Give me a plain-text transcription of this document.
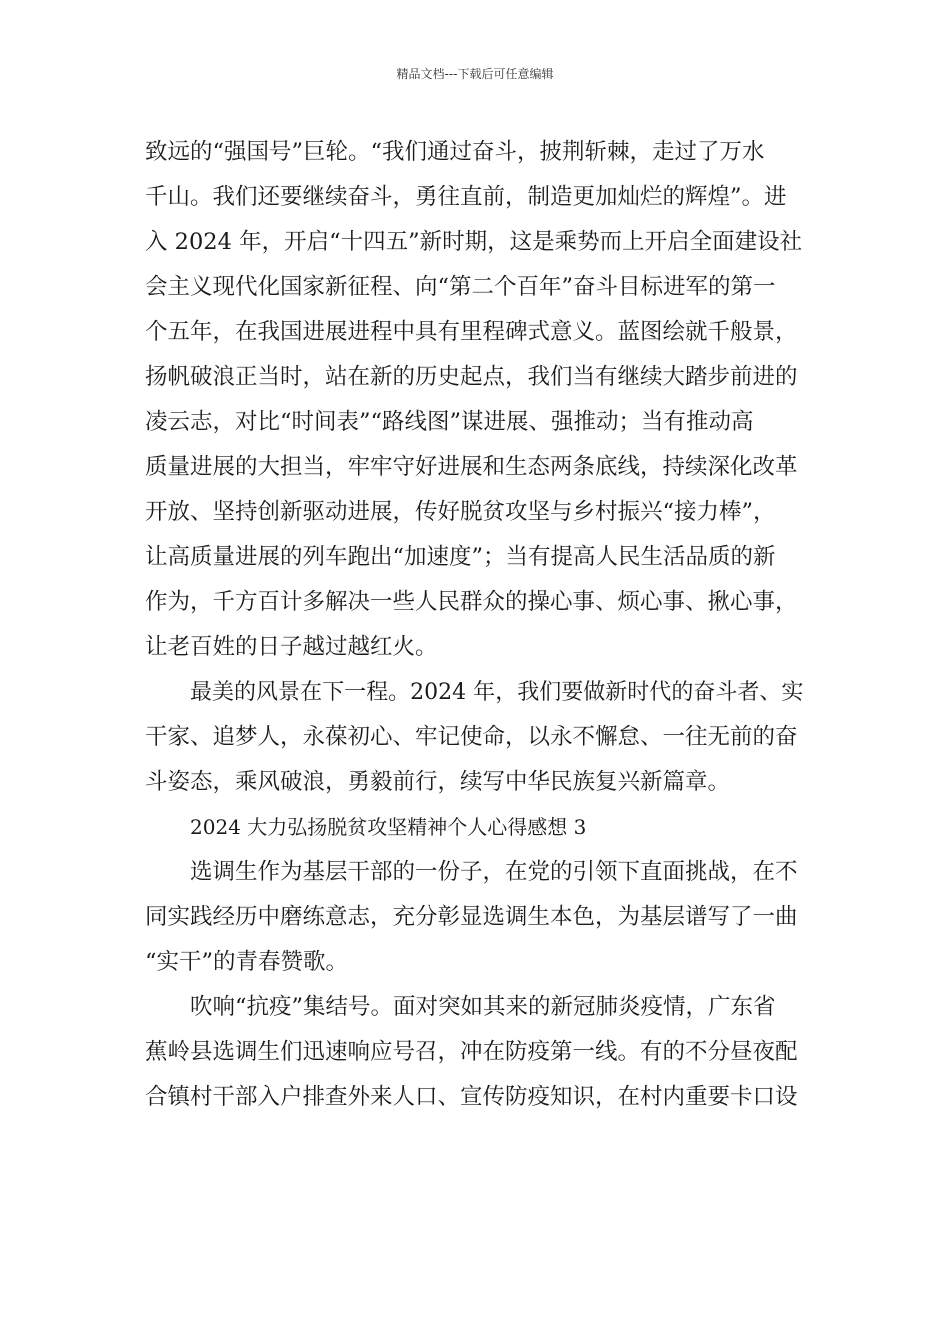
精品文档---下载后可任意编辑
致远的“强国号”巨轮。“我们通过奋斗，披荆斩棘，走过了万水
千山。我们还要继续奋斗，勇往直前，制造更加灿烂的辉煌”。进
入 2024 年，开启“十四五”新时期，这是乘势而上开启全面建设社
会主义现代化国家新征程、向“第二个百年”奋斗目标进军的第一
个五年，在我国进展进程中具有里程碑式意义。蓝图绘就千般景，
扬帆破浪正当时，站在新的历史起点，我们当有继续大踏步前进的
凌云志，对比“时间表”“路线图”谋进展、强推动；当有推动高
质量进展的大担当，牢牢守好进展和生态两条底线，持续深化改革
开放、坚持创新驱动进展，传好脱贫攻坚与乡村振兴“接力棒”，
让高质量进展的列车跑出“加速度”；当有提高人民生活品质的新
作为，千方百计多解决一些人民群众的操心事、烦心事、揪心事，
让老百姓的日子越过越红火。
最美的风景在下一程。2024 年，我们要做新时代的奋斗者、实
干家、追梦人，永葆初心、牢记使命，以永不懈怠、一往无前的奋
斗姿态，乘风破浪，勇毅前行，续写中华民族复兴新篇章。
2024 大力弘扬脱贫攻坚精神个人心得感想 3
选调生作为基层干部的一份子，在党的引领下直面挑战，在不
同实践经历中磨练意志，充分彰显选调生本色，为基层谱写了一曲
“实干”的青春赞歌。
吹响“抗疫”集结号。面对突如其来的新冠肺炎疫情，广东省
蕉岭县选调生们迅速响应号召，冲在防疫第一线。有的不分昼夜配
合镇村干部入户排查外来人口、宣传防疫知识，在村内重要卡口设
